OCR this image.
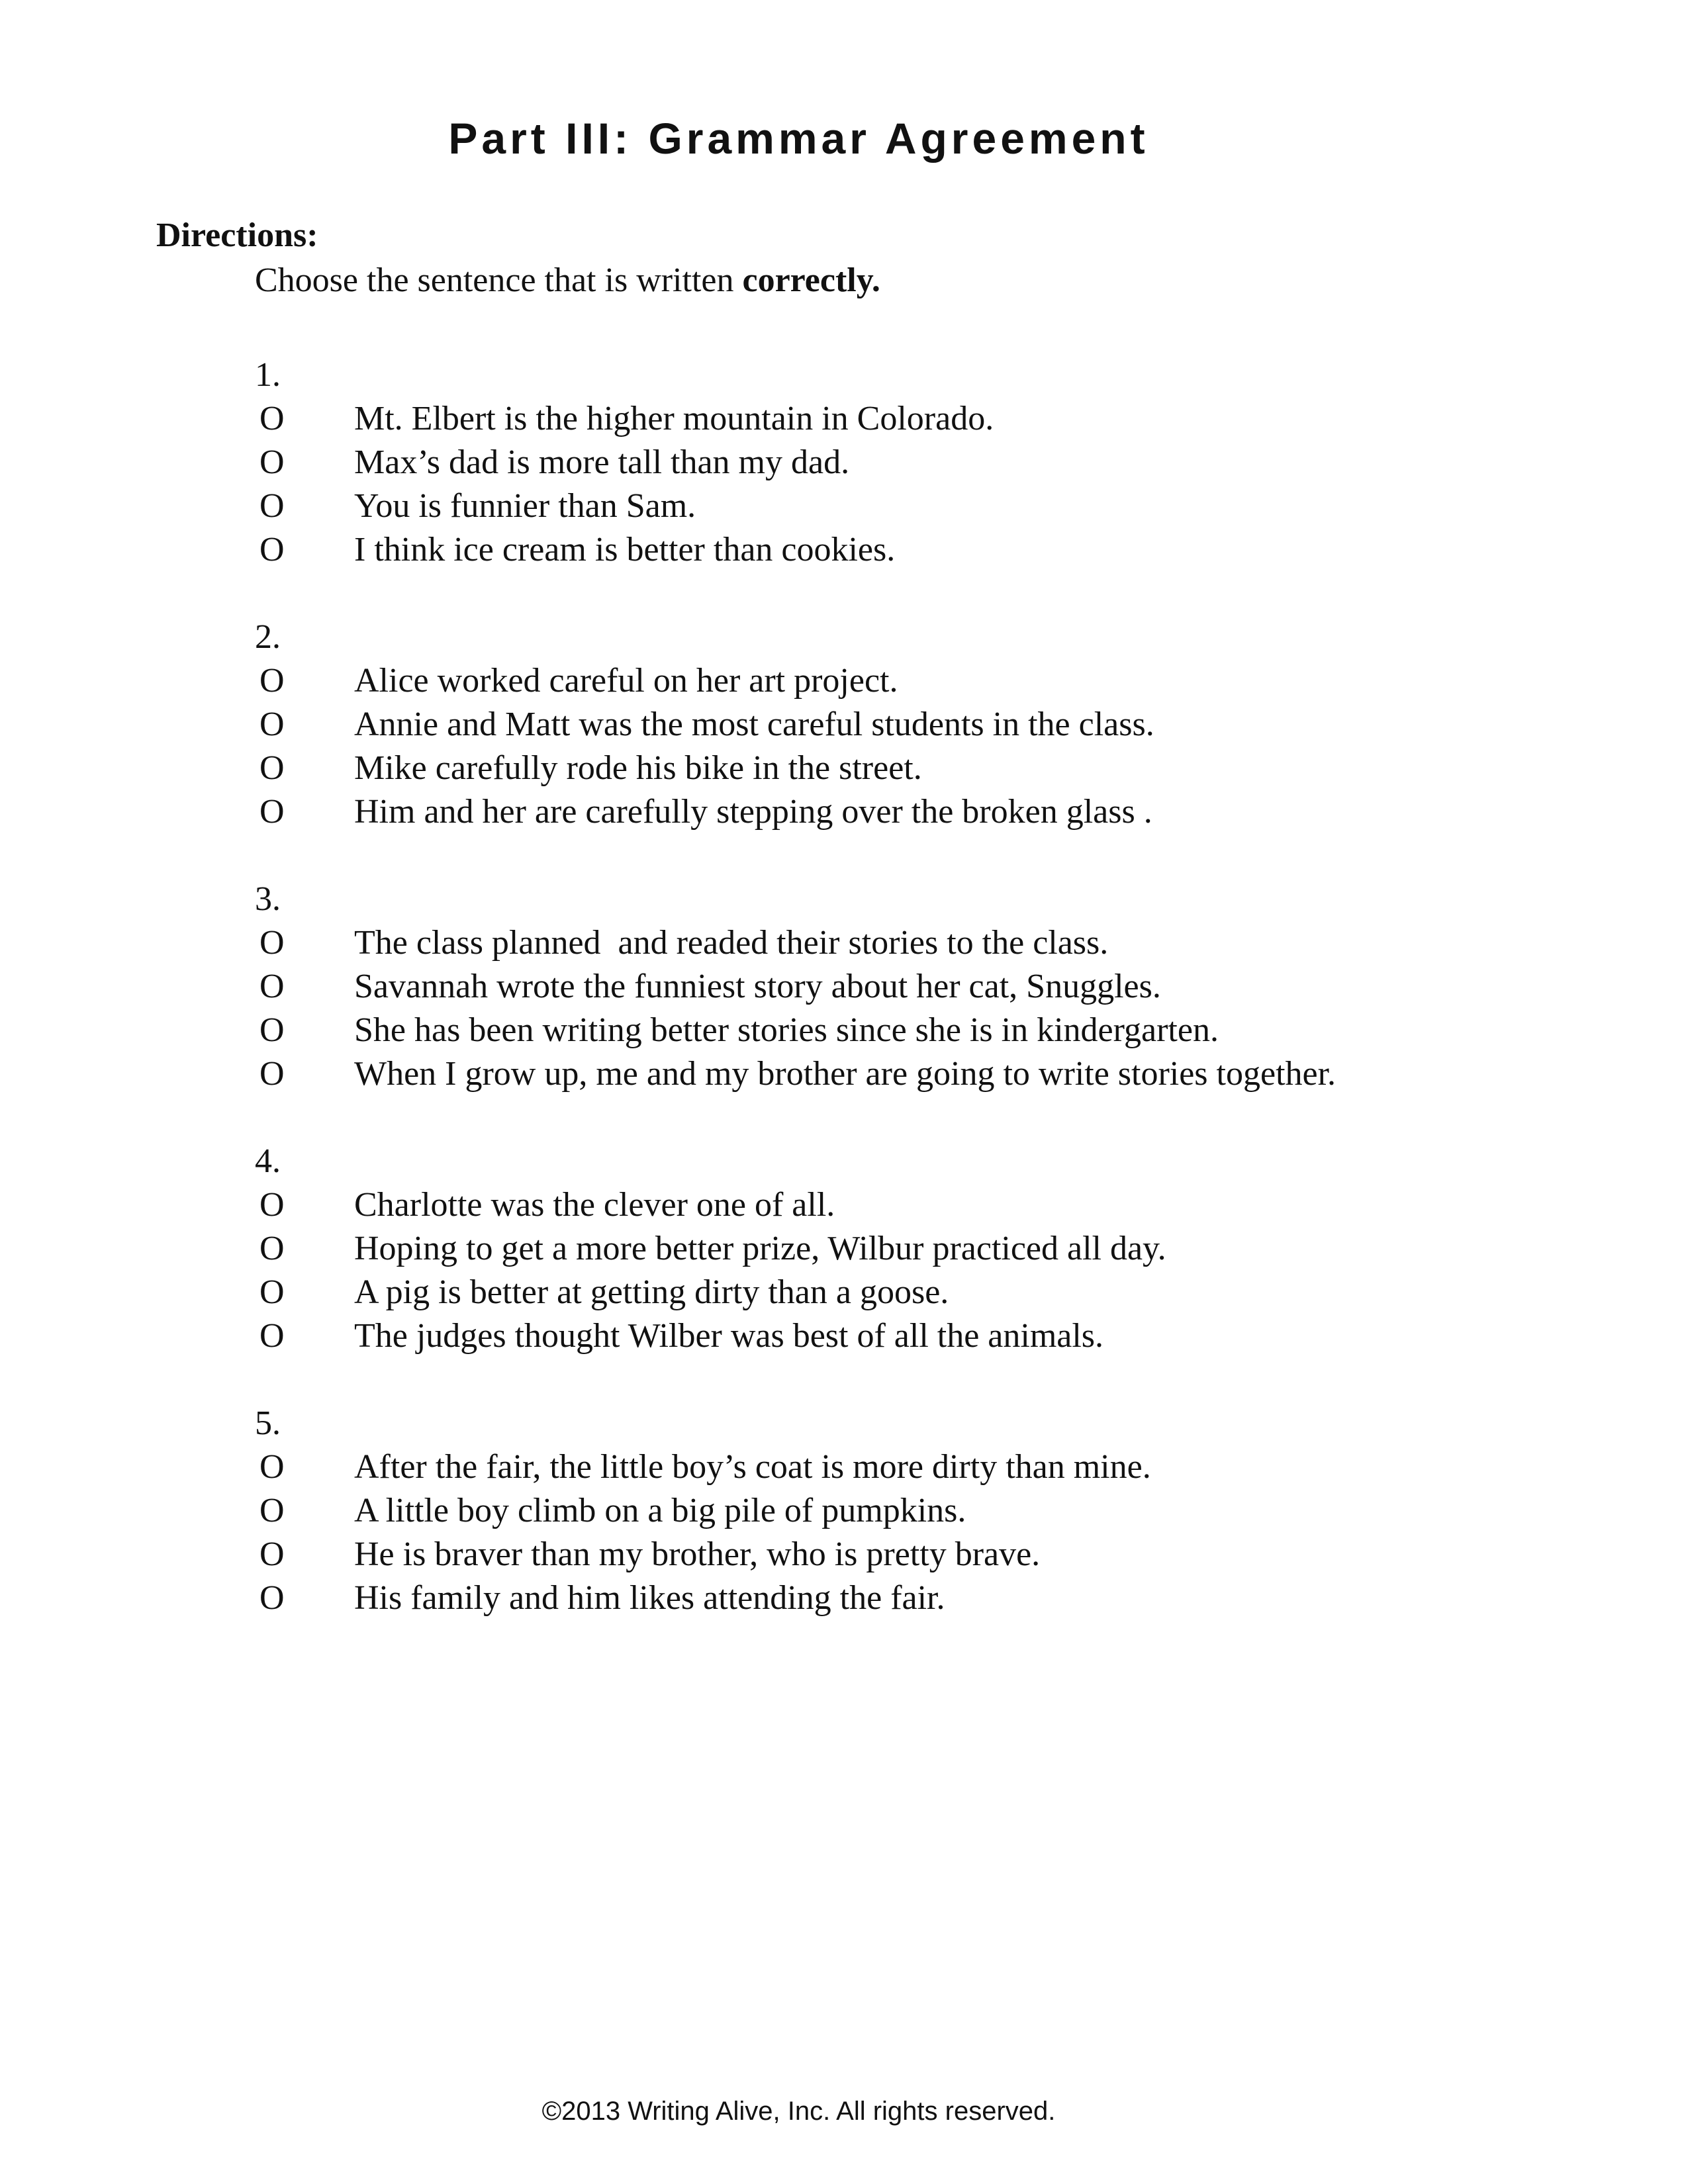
Part III: Grammar Agreement
Directions:
Choose the sentence that is written correctly.
1.
O Mt. Elbert is the higher mountain in Colorado.
O Max’s dad is more tall than my dad.
O You is funnier than Sam.
O I think ice cream is better than cookies.
2.
O Alice worked careful on her art project.
O Annie and Matt was the most careful students in the class.
O Mike carefully rode his bike in the street.
O Him and her are carefully stepping over the broken glass .
3.
O The class planned  and readed their stories to the class.
O Savannah wrote the funniest story about her cat, Snuggles.
O She has been writing better stories since she is in kindergarten.
O When I grow up, me and my brother are going to write stories together.
4.
O Charlotte was the clever one of all.
O Hoping to get a more better prize, Wilbur practiced all day.
O A pig is better at getting dirty than a goose.
O The judges thought Wilber was best of all the animals.
5.
O After the fair, the little boy’s coat is more dirty than mine.
O A little boy climb on a big pile of pumpkins.
O He is braver than my brother, who is pretty brave.
O His family and him likes attending the fair.
©2013 Writing Alive, Inc. All rights reserved.
